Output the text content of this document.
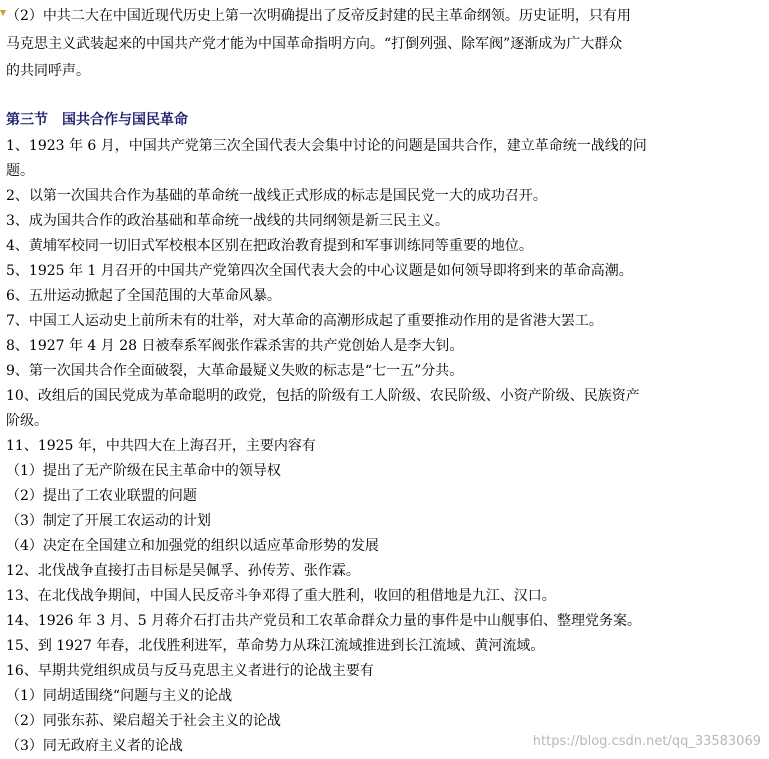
（2）中共二大在中国近现代历史上第一次明确提出了反帝反封建的民主革命纲领。历史证明，只有用
马克思主义武装起来的中国共产党才能为中国革命指明方向。“打倒列强、除军阀”逐渐成为广大群众
的共同呼声。
第三节　国共合作与国民革命
1、1923 年 6 月，中国共产党第三次全国代表大会集中讨论的问题是国共合作，建立革命统一战线的问
题。
2、以第一次国共合作为基础的革命统一战线正式形成的标志是国民党一大的成功召开。
3、成为国共合作的政治基础和革命统一战线的共同纲领是新三民主义。
4、黄埔军校同一切旧式军校根本区别在把政治教育提到和军事训练同等重要的地位。
5、1925 年 1 月召开的中国共产党第四次全国代表大会的中心议题是如何领导即将到来的革命高潮。
6、五卅运动掀起了全国范围的大革命风暴。
7、中国工人运动史上前所未有的壮举，对大革命的高潮形成起了重要推动作用的是省港大罢工。
8、1927 年 4 月 28 日被奉系军阀张作霖杀害的共产党创始人是李大钊。
9、第一次国共合作全面破裂，大革命最疑义失败的标志是“七一五”分共。
10、改组后的国民党成为革命聪明的政党，包括的阶级有工人阶级、农民阶级、小资产阶级、民族资产
阶级。
11、1925 年，中共四大在上海召开，主要内容有
（1）提出了无产阶级在民主革命中的领导权
（2）提出了工农业联盟的问题
（3）制定了开展工农运动的计划
（4）决定在全国建立和加强党的组织以适应革命形势的发展
12、北伐战争直接打击目标是吴佩孚、孙传芳、张作霖。
13、在北伐战争期间，中国人民反帝斗争邓得了重大胜利，收回的租借地是九江、汉口。
14、1926 年 3 月、5 月蒋介石打击共产党员和工农革命群众力量的事件是中山舰事伯、整理党务案。
15、到 1927 年春，北伐胜利进军，革命势力从珠江流域推进到长江流域、黄河流域。
16、早期共党组织成员与反马克思主义者进行的论战主要有
（1）同胡适围绕“问题与主义的论战
（2）同张东荪、梁启超关于社会主义的论战
（3）同无政府主义者的论战	https://blog.csdn.net/qq_33583069
